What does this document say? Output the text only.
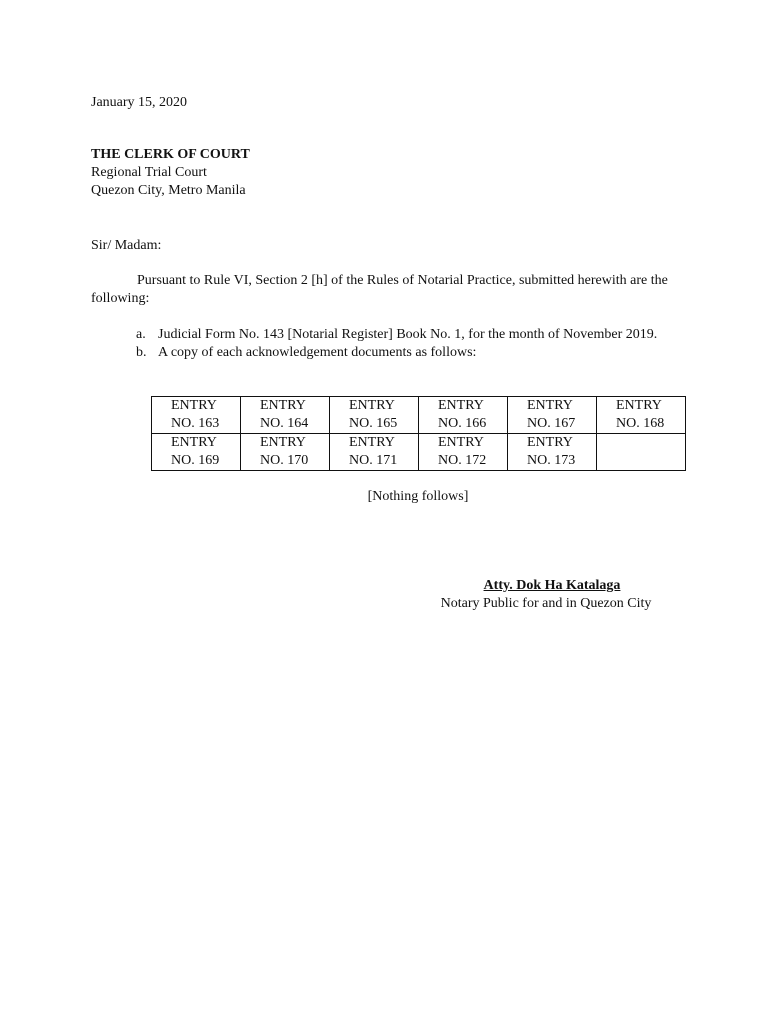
January 15, 2020
THE CLERK OF COURT
Regional Trial Court
Quezon City, Metro Manila
Sir/ Madam:
Pursuant to Rule VI, Section 2 [h] of the Rules of Notarial Practice, submitted herewith are the following:
a. Judicial Form No. 143 [Notarial Register] Book No. 1, for the month of November 2019.
b. A copy of each acknowledgement documents as follows:
ENTRY
NO. 163	ENTRY
NO. 164	ENTRY
NO. 165	ENTRY
NO. 166	ENTRY
NO. 167	ENTRY
NO. 168

ENTRY
NO. 169	ENTRY
NO. 170	ENTRY
NO. 171	ENTRY
NO. 172	ENTRY
NO. 173	

[Nothing follows]
Atty. Dok Ha Katalaga
Notary Public for and in Quezon City
